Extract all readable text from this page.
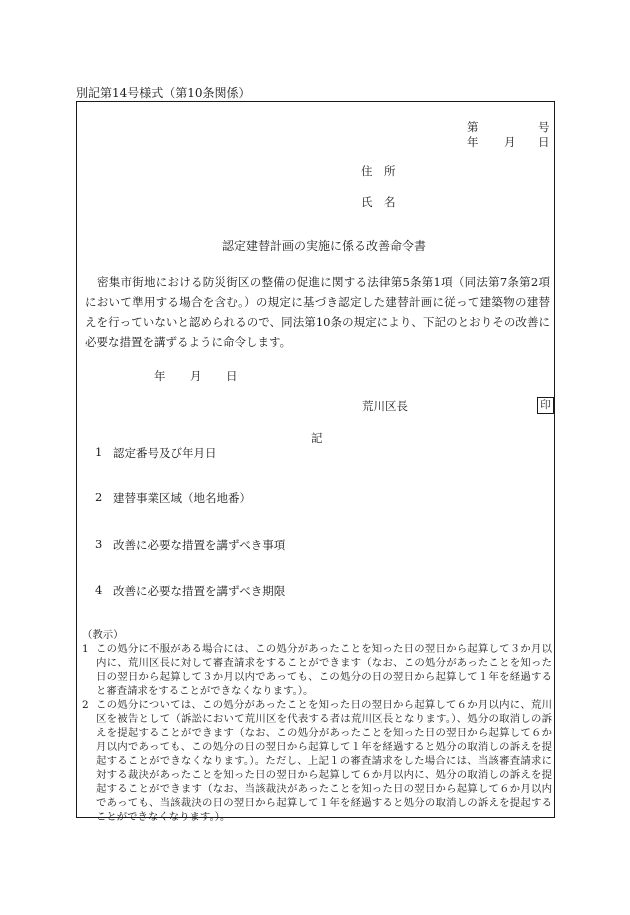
別記第14号様式（第10条関係）
第	号
年 月 日
住　所
氏　名
認定建替計画の実施に係る改善命令書
密集市街地における防災街区の整備の促進に関する法律第5条第1項（同法第7条第2項において準用する場合を含む。）の規定に基づき認定した建替計画に従って建築物の建替えを行っていないと認められるので、同法第10条の規定により、下記のとおりその改善に必要な措置を講ずるように命令します。
年 月 日
荒川区長	印
記
1 認定番号及び年月日
2 建替事業区域（地名地番）
3 改善に必要な措置を講ずべき事項
4 改善に必要な措置を講ずべき期限
（教示）
1 この処分に不服がある場合には、この処分があったことを知った日の翌日から起算して３か月以内に、荒川区長に対して審査請求をすることができます（なお、この処分があったことを知った日の翌日から起算して３か月以内であっても、この処分の日の翌日から起算して１年を経過すると審査請求をすることができなくなります。）。
2 この処分については、この処分があったことを知った日の翌日から起算して６か月以内に、荒川区を被告として（訴訟において荒川区を代表する者は荒川区長となります。）、処分の取消しの訴えを提起することができます（なお、この処分があったことを知った日の翌日から起算して６か月以内であっても、この処分の日の翌日から起算して１年を経過すると処分の取消しの訴えを提起することができなくなります。）。ただし、上記１の審査請求をした場合には、当該審査請求に対する裁決があったことを知った日の翌日から起算して６か月以内に、処分の取消しの訴えを提起することができます（なお、当該裁決があったことを知った日の翌日から起算して６か月以内であっても、当該裁決の日の翌日から起算して１年を経過すると処分の取消しの訴えを提起することができなくなります。）。
